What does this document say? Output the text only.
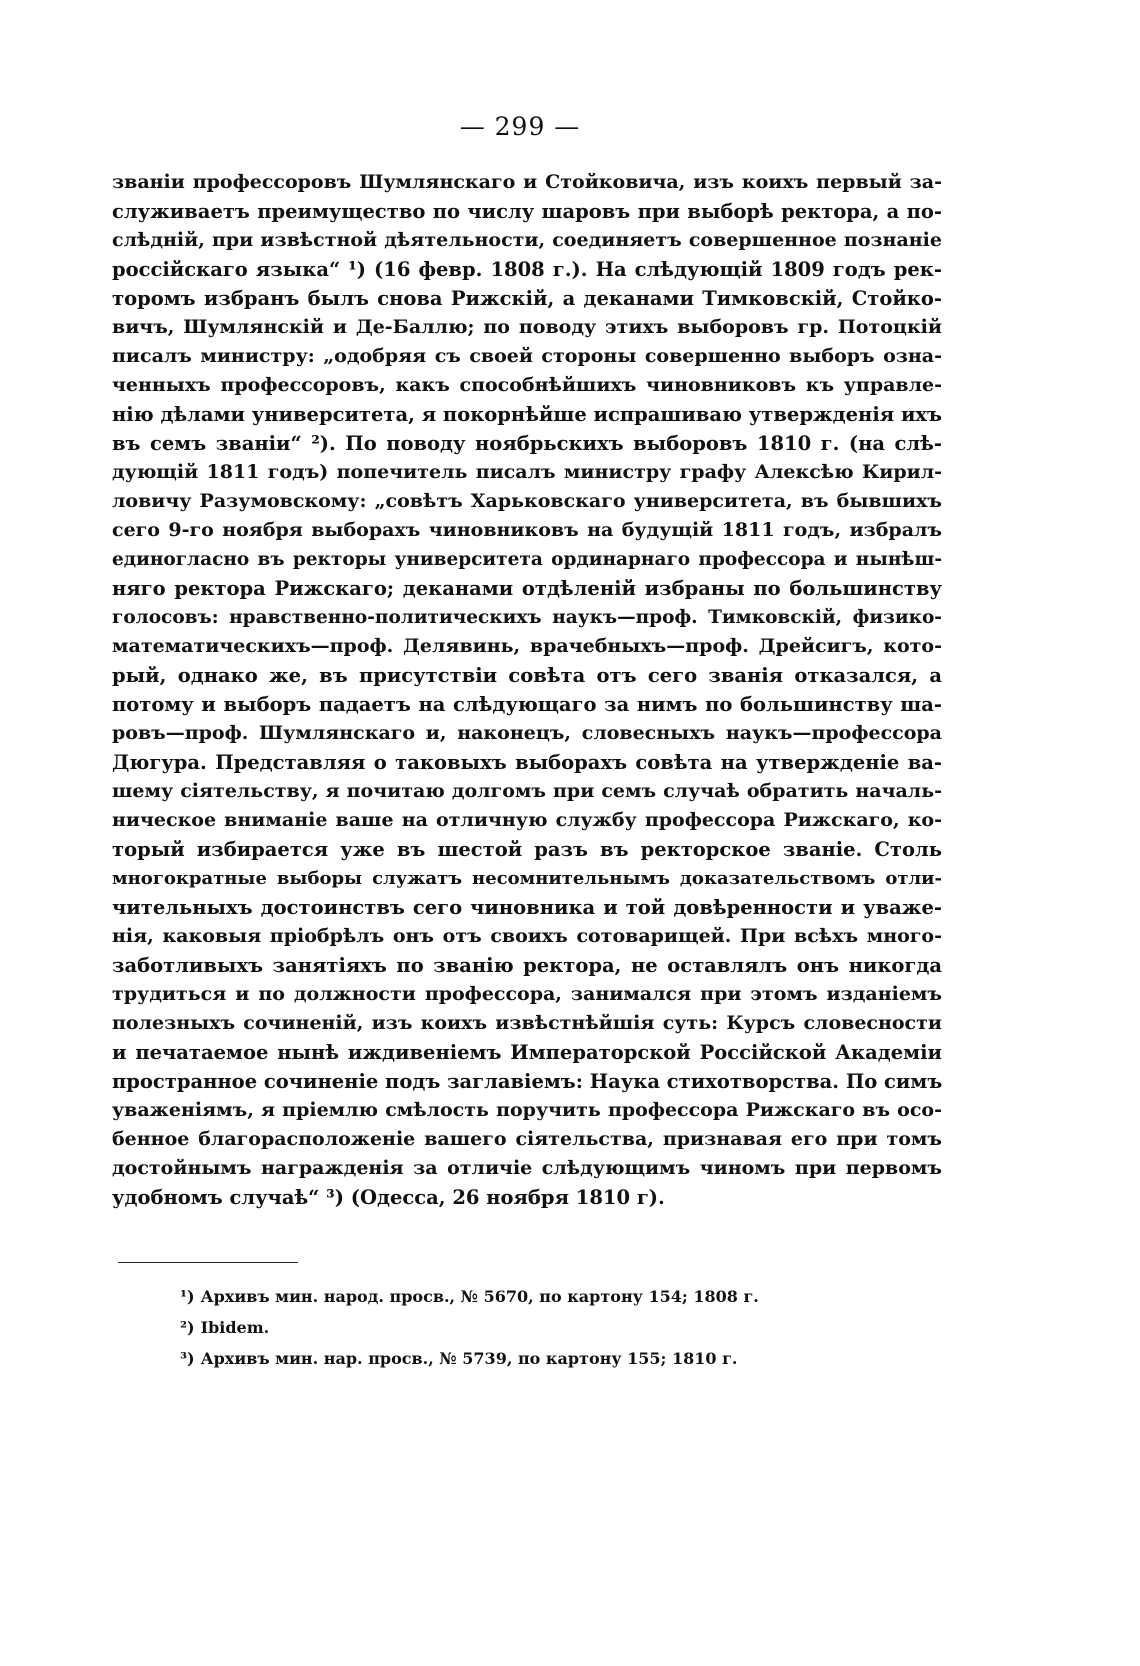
— 299 —
званіи профессоровъ Шумлянскаго и Стойковича, изъ коихъ первый за-
служиваетъ преимущество по числу шаровъ при выборѣ ректора, а по-
слѣдній, при извѣстной дѣятельности, соединяетъ совершенное познаніе
россійскаго языка“ ¹) (16 февр. 1808 г.). На слѣдующій 1809 годъ рек-
торомъ избранъ былъ снова Рижскій, а деканами Тимковскій, Стойко-
вичъ, Шумлянскій и Де-Баллю; по поводу этихъ выборовъ гр. Потоцкій
писалъ министру: „одобряя съ своей стороны совершенно выборъ озна-
ченныхъ профессоровъ, какъ способнѣйшихъ чиновниковъ къ управле-
нію дѣлами университета, я покорнѣйше испрашиваю утвержденія ихъ
въ семъ званіи“ ²). По поводу ноябрьскихъ выборовъ 1810 г. (на слѣ-
дующій 1811 годъ) попечитель писалъ министру графу Алексѣю Кирил-
ловичу Разумовскому: „совѣтъ Харьковскаго университета, въ бывшихъ
сего 9-го ноября выборахъ чиновниковъ на будущій 1811 годъ, избралъ
единогласно въ ректоры университета ординарнаго профессора и нынѣш-
няго ректора Рижскаго; деканами отдѣленій избраны по большинству
голосовъ: нравственно-политическихъ наукъ—проф. Тимковскій, физико-
математическихъ—проф. Делявинь, врачебныхъ—проф. Дрейсигъ, кото-
рый, однако же, въ присутствіи совѣта отъ сего званія отказался, а
потому и выборъ падаетъ на слѣдующаго за нимъ по большинству ша-
ровъ—проф. Шумлянскаго и, наконецъ, словесныхъ наукъ—профессора
Дюгура. Представляя о таковыхъ выборахъ совѣта на утвержденіе ва-
шему сіятельству, я почитаю долгомъ при семъ случаѣ обратить началь-
ническое вниманіе ваше на отличную службу профессора Рижскаго, ко-
торый избирается уже въ шестой разъ въ ректорское званіе. Столь
многократные выборы служатъ несомнительнымъ доказательствомъ отли-
чительныхъ достоинствъ сего чиновника и той довѣренности и уваже-
нія, каковыя пріобрѣлъ онъ отъ своихъ сотоварищей. При всѣхъ много-
заботливыхъ занятіяхъ по званію ректора, не оставлялъ онъ никогда
трудиться и по должности профессора, занимался при этомъ изданіемъ
полезныхъ сочиненій, изъ коихъ извѣстнѣйшія суть: Курсъ словесности
и печатаемое нынѣ иждивеніемъ Императорской Россійской Академіи
пространное сочиненіе подъ заглавіемъ: Наука стихотворства. По симъ
уваженіямъ, я пріемлю смѣлость поручить профессора Рижскаго въ осо-
бенное благорасположеніе вашего сіятельства, признавая его при томъ
достойнымъ награжденія за отличіе слѣдующимъ чиномъ при первомъ
удобномъ случаѣ“ ³) (Одесса, 26 ноября 1810 г).
¹) Архивъ мин. народ. просв., № 5670, по картону 154; 1808 г.
²) Ibidem.
³) Архивъ мин. нар. просв., № 5739, по картону 155; 1810 г.
